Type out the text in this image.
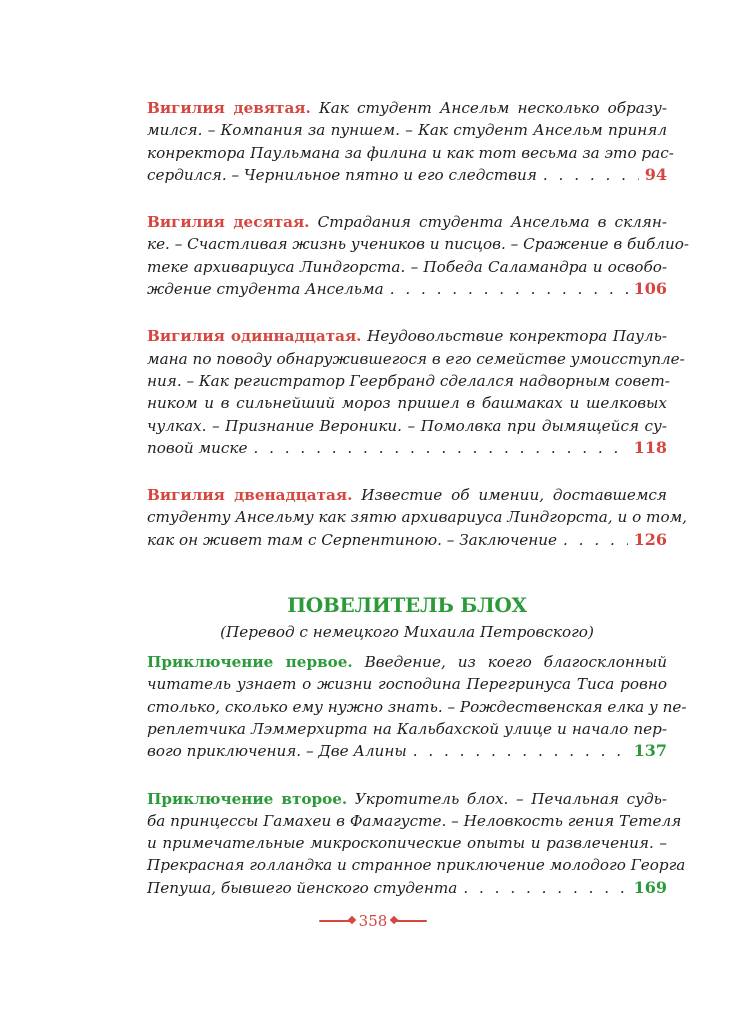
Вигилия девятая. Как студент Ансельм несколько образу-
мился. – Компания за пуншем. – Как студент Ансельм принял
конректора Паульмана за филина и как тот весьма за это рас-
сердился. – Чернильное пятно и его следствия . . .	94
Вигилия десятая. Страдания студента Ансельма в склян-
ке. – Счастливая жизнь учеников и писцов. – Сражение в библио-
теке архивариуса Линдгорста. – Победа Саламандра и освобо-
ждение студента Ансельма . . .	106
Вигилия одиннадцатая. Неудовольствие конректора Пауль-
мана по поводу обнаружившегося в его семействе умоисступле-
ния. – Как регистратор Геербранд сделался надворным совет-
ником и в сильнейший мороз пришел в башмаках и шелковых
чулках. – Признание Вероники. – Помолвка при дымящейся су-
повой миске . . .	118
Вигилия двенадцатая. Известие об имении, доставшемся
студенту Ансельму как зятю архивариуса Линдгорста, и о том,
как он живет там с Серпентиною. – Заключение . . .	126
ПОВЕЛИТЕЛЬ БЛОХ
(Перевод с немецкого Михаила Петровского)
Приключение первое. Введение, из коего благосклонный
читатель узнает о жизни господина Перегринуса Тиса ровно
столько, сколько ему нужно знать. – Рождественская елка у пе-
реплетчика Лэммерхирта на Кальбахской улице и начало пер-
вого приключения. – Две Алины . . .	137
Приключение второе. Укротитель блох. – Печальная судь-
ба принцессы Гамахеи в Фамагусте. – Неловкость гения Тетеля
и примечательные микроскопические опыты и развлечения. –
Прекрасная голландка и странное приключение молодого Георга
Пепуша, бывшего йенского студента . . .	169
358
